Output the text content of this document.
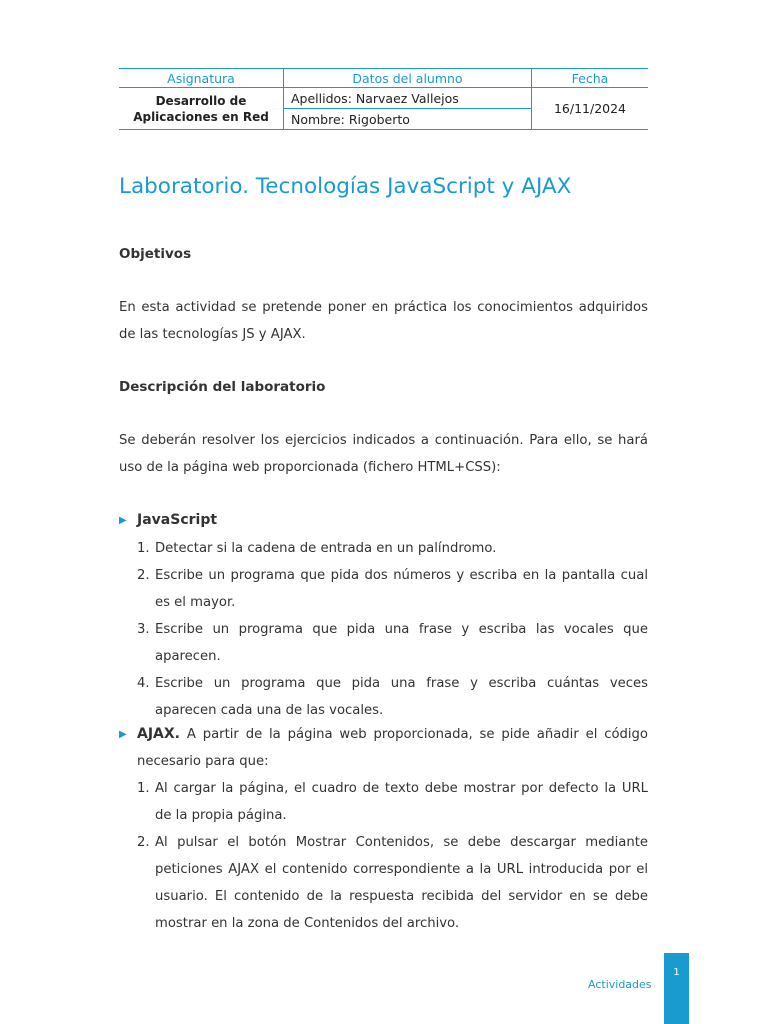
Asignatura	Datos del alumno	Fecha
Desarrollo de Aplicaciones en Red	Apellidos: Narvaez Vallejos	16/11/2024
	Nombre: Rigoberto	
Laboratorio. Tecnologías JavaScript y AJAX
Objetivos

En esta actividad se pretende poner en práctica los conocimientos adquiridos de las tecnologías JS y AJAX.

Descripción del laboratorio

Se deberán resolver los ejercicios indicados a continuación. Para ello, se hará uso de la página web proporcionada (fichero HTML+CSS):

▶ JavaScript
1. Detectar si la cadena de entrada en un palíndromo.
2. Escribe un programa que pida dos números y escriba en la pantalla cual es el mayor.
3. Escribe un programa que pida una frase y escriba las vocales que aparecen.
4. Escribe un programa que pida una frase y escriba cuántas veces aparecen cada una de las vocales.
▶ AJAX. A partir de la página web proporcionada, se pide añadir el código necesario para que:
1. Al cargar la página, el cuadro de texto debe mostrar por defecto la URL de la propia página.
2. Al pulsar el botón Mostrar Contenidos, se debe descargar mediante peticiones AJAX el contenido correspondiente a la URL introducida por el usuario. El contenido de la respuesta recibida del servidor en se debe mostrar en la zona de Contenidos del archivo.
Actividades
1
